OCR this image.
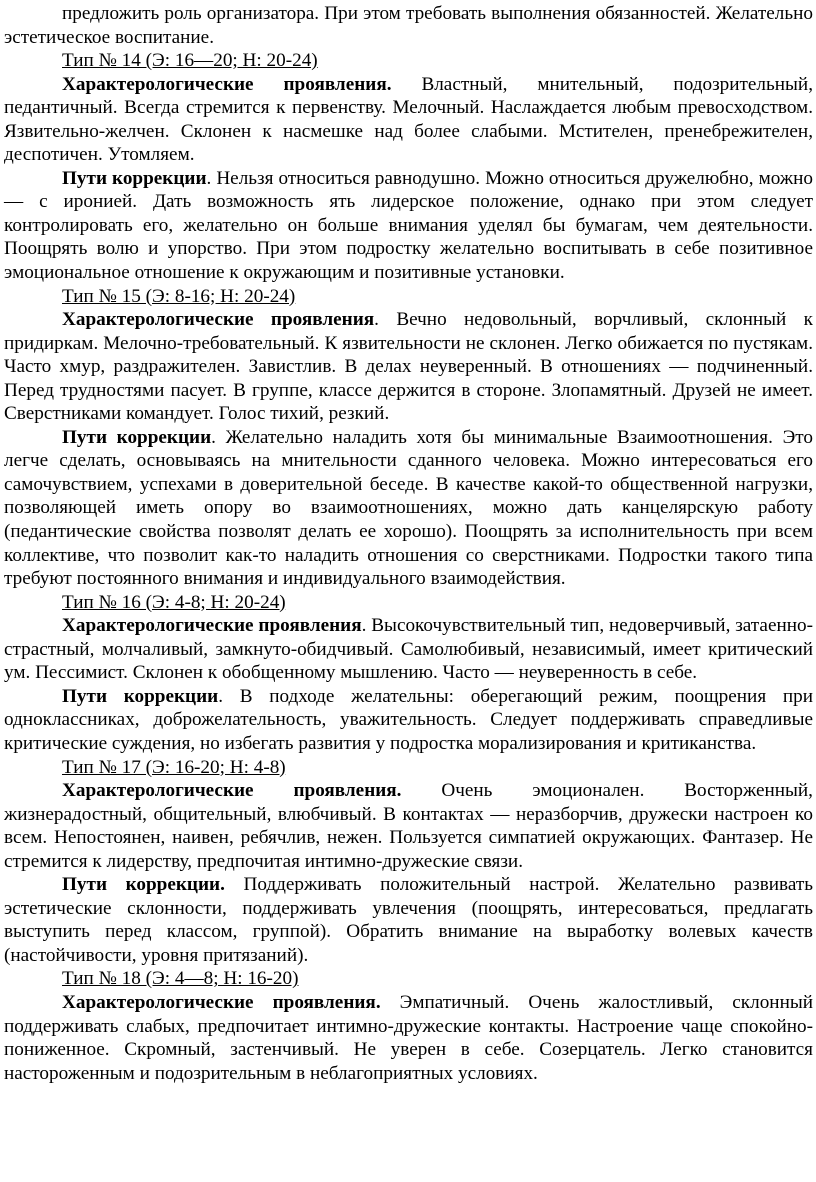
предложить роль организатора. При этом требовать выполнения обязанностей. Желательно эстетическое воспитание.

Тип № 14 (Э: 16—20; Н: 20-24)

Характерологические проявления. Властный, мнительный, подозрительный, педантичный. Всегда стремится к первенству. Мелочный. Наслаждается любым превосходством. Язвительно-желчен. Склонен к насмешке над более слабыми. Мстителен, пренебрежителен, деспотичен. Утомляем.

Пути коррекции. Нельзя относиться равнодушно. Можно относиться дружелюбно, можно — с иронией. Дать возможность ять лидерское положение, однако при этом следует контролировать его, желательно он больше внимания уделял бы бумагам, чем деятельности. Поощрять волю и упорство. При этом подростку желательно воспитывать в себе позитивное эмоциональное отношение к окружающим и позитивные установки.

Тип № 15 (Э: 8-16; Н: 20-24)

Характерологические проявления. Вечно недовольный, ворчливый, склонный к придиркам. Мелочно-требовательный. К язвительности не склонен. Легко обижается по пустякам. Часто хмур, раздражителен. Завистлив. В делах неуверенный. В отношениях — подчиненный. Перед трудностями пасует. В группе, классе держится в стороне. Злопамятный. Друзей не имеет. Сверстниками командует. Голос тихий, резкий.

Пути коррекции. Желательно наладить хотя бы минимальные Взаимоотношения. Это легче сделать, основываясь на мнительности сданного человека. Можно интересоваться его самочувствием, успехами в доверительной беседе. В качестве какой-то общественной нагрузки, позволяющей иметь опору во взаимоотношениях, можно дать канцелярскую работу (педантические свойства позволят делать ее хорошо). Поощрять за исполнительность при всем коллективе, что позволит как-то наладить отношения со сверстниками. Подростки такого типа требуют постоянного внимания и индивидуального взаимодействия.

Тип № 16 (Э: 4-8; Н: 20-24)

Характерологические проявления. Высокочувствительный тип, недоверчивый, затаенно-страстный, молчаливый, замкнуто-обидчивый. Самолюбивый, независимый, имеет критический ум. Пессимист. Склонен к обобщенному мышлению. Часто — неуверенность в себе.

Пути коррекции. В подходе желательны: оберегающий режим, поощрения при одноклассниках, доброжелательность, уважительность. Следует поддерживать справедливые критические суждения, но избегать развития у подростка морализирования и критиканства.

Тип № 17 (Э: 16-20; Н: 4-8)

Характерологические проявления. Очень эмоционален. Восторженный, жизнерадостный, общительный, влюбчивый. В контактах — неразборчив, дружески настроен ко всем. Непостоянен, наивен, ребячлив, нежен. Пользуется симпатией окружающих. Фантазер. Не стремится к лидерству, предпочитая интимно-дружеские связи.

Пути коррекции. Поддерживать положительный настрой. Желательно развивать эстетические склонности, поддерживать увлечения (поощрять, интересоваться, предлагать выступить перед классом, группой). Обратить внимание на выработку волевых качеств (настойчивости, уровня притязаний).

Тип № 18 (Э: 4—8; Н: 16-20)

Характерологические проявления. Эмпатичный. Очень жалостливый, склонный поддерживать слабых, предпочитает интимно-дружеские контакты. Настроение чаще спокойно-пониженное. Скромный, застенчивый. Не уверен в себе. Созерцатель. Легко становится настороженным и подозрительным в неблагоприятных условиях.
